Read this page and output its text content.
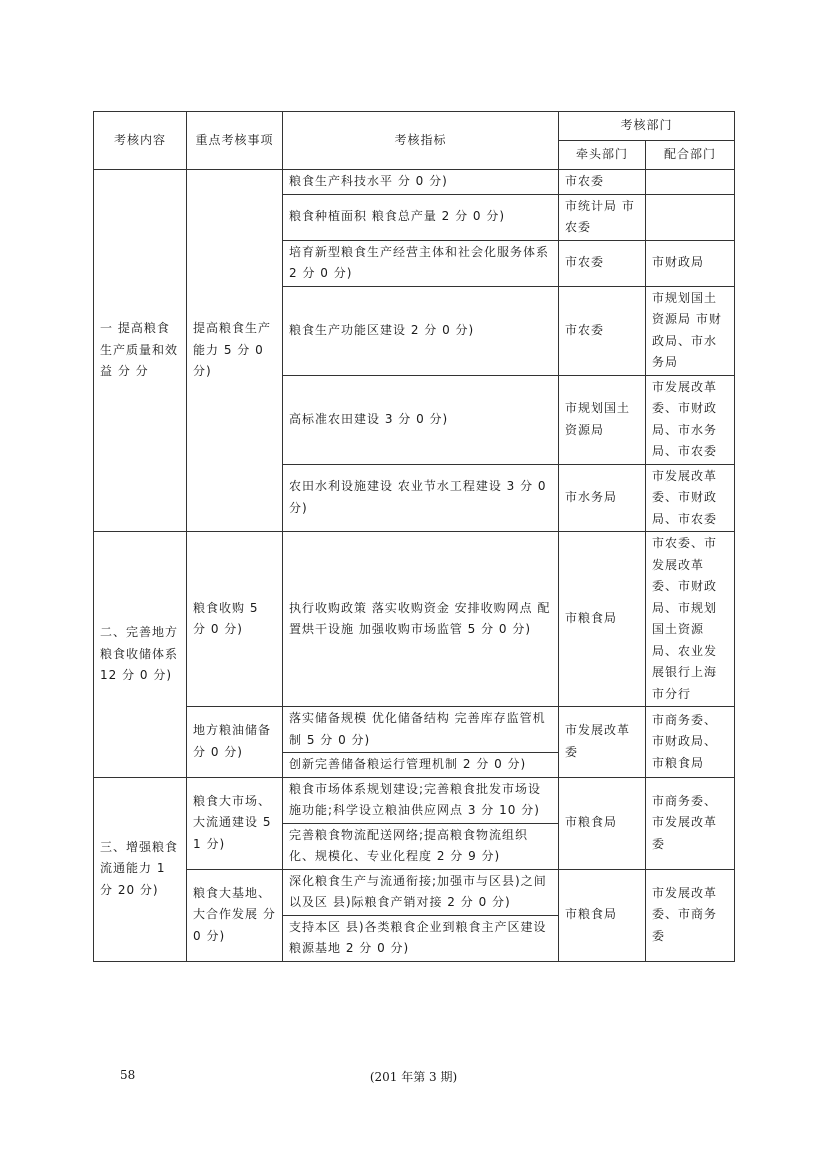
考核内容	重点考核事项	考核指标	考核部门	
			牵头部门	配合部门
一 提高粮食生产质量和效益 分 分	提高粮食生产能力 5 分 0 分)	粮食生产科技水平 分 0 分)	市农委	
		粮食种植面积 粮食总产量 2 分 0 分)	市统计局 市农委	
		培育新型粮食生产经营主体和社会化服务体系 2 分 0 分)	市农委	市财政局
		粮食生产功能区建设 2 分 0 分)	市农委	市规划国土资源局 市财政局、市水务局
		高标准农田建设 3 分 0 分)	市规划国土资源局	市发展改革委、市财政局、市水务局、市农委
		农田水利设施建设 农业节水工程建设 3 分 0 分)	市水务局	市发展改革委、市财政局、市农委
二、完善地方粮食收储体系 12 分 0 分)	粮食收购 5 分 0 分)	执行收购政策 落实收购资金 安排收购网点 配置烘干设施 加强收购市场监管 5 分 0 分)	市粮食局	市农委、市发展改革委、市财政局、市规划国土资源局、农业发展银行上海市分行
	地方粮油储备 分 0 分)	落实储备规模 优化储备结构 完善库存监管机制 5 分 0 分)	市发展改革委	市商务委、市财政局、市粮食局
		创新完善储备粮运行管理机制 2 分 0 分)		
三、增强粮食流通能力 1 分 20 分)	粮食大市场、大流通建设 5 1 分)	粮食市场体系规划建设;完善粮食批发市场设施功能;科学设立粮油供应网点 3 分 10 分)	市粮食局	市商务委、市发展改革委
		完善粮食物流配送网络;提高粮食物流组织化、规模化、专业化程度 2 分 9 分)		
	粮食大基地、大合作发展 分 0 分)	深化粮食生产与流通衔接;加强市与区县)之间以及区 县)际粮食产销对接 2 分 0 分)	市粮食局	市发展改革委、市商务委
		支持本区 县)各类粮食企业到粮食主产区建设粮源基地 2 分 0 分)		
(201 年第 3 期)
58
